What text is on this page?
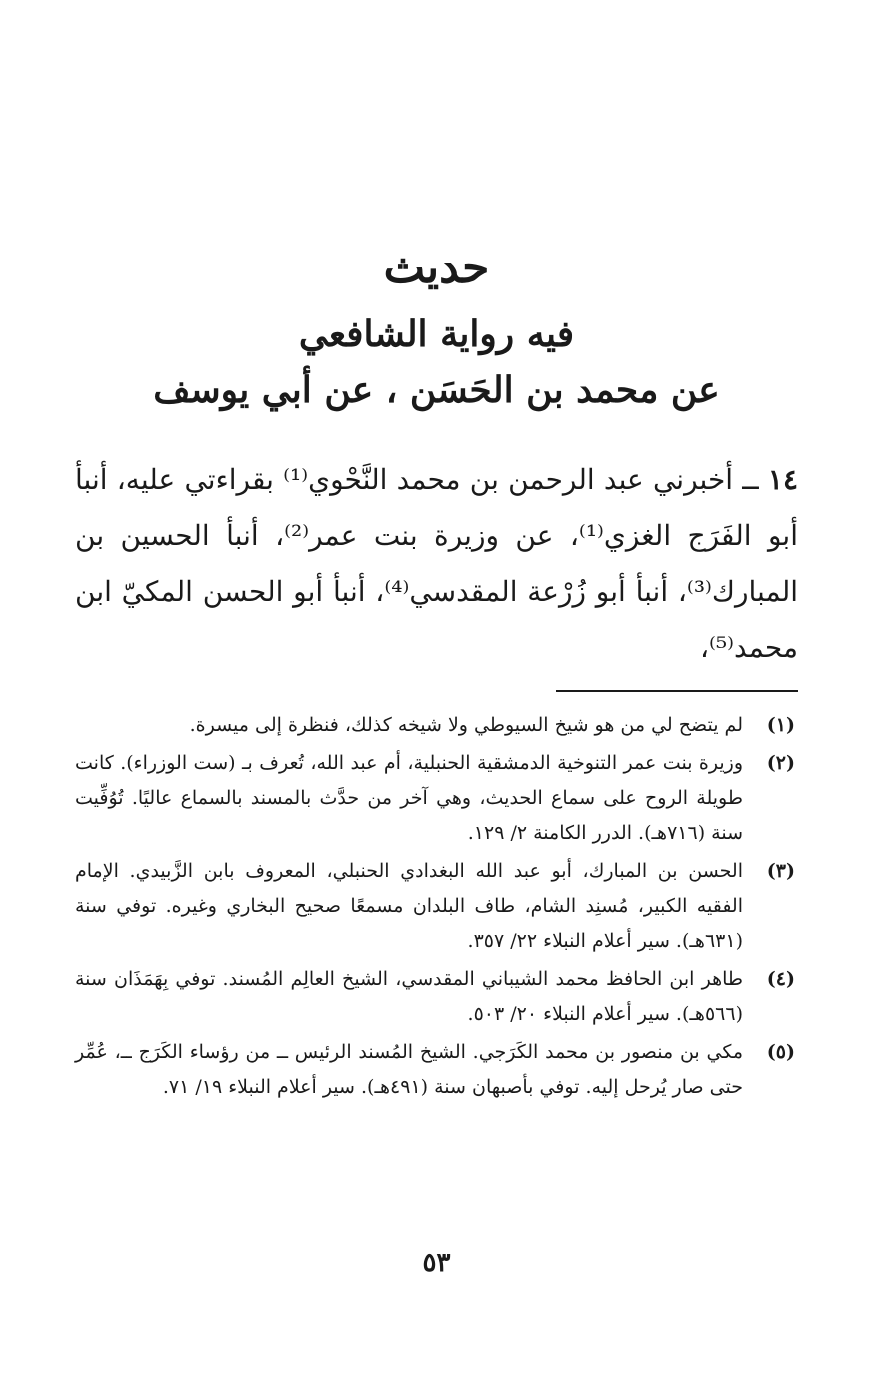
حديث
فيه رواية الشافعي
عن محمد بن الحَسَن ، عن أبي يوسف
١٤ ــ أخبرني عبد الرحمن بن محمد النَّحْوي⁽¹⁾ بقراءتي عليه، أنبأ أبو الفَرَج الغزي⁽¹⁾، عن وزيرة بنت عمر⁽²⁾، أنبأ الحسين بن المبارك⁽³⁾، أنبأ أبو زُرْعة المقدسي⁽⁴⁾، أنبأ أبو الحسن المكيّ ابن محمد⁽⁵⁾،
(١)
لم يتضح لي من هو شيخ السيوطي ولا شيخه كذلك، فنظرة إلى ميسرة.
(٢)
وزيرة بنت عمر التنوخية الدمشقية الحنبلية، أم عبد الله، تُعرف بـ (ست الوزراء). كانت طويلة الروح على سماع الحديث، وهي آخر من حدَّث بالمسند بالسماع عاليًا. تُوُفِّيت سنة (٧١٦هـ). الدرر الكامنة ٢/ ١٢٩.
(٣)
الحسن بن المبارك، أبو عبد الله البغدادي الحنبلي، المعروف بابن الزَّبيدي. الإمام الفقيه الكبير، مُسنِد الشام، طاف البلدان مسمعًا صحيح البخاري وغيره. توفي سنة (٦٣١هـ). سير أعلام النبلاء ٢٢/ ٣٥٧.
(٤)
طاهر ابن الحافظ محمد الشيباني المقدسي، الشيخ العالِم المُسند. توفي بِهَمَذَان سنة (٥٦٦هـ). سير أعلام النبلاء ٢٠/ ٥٠٣.
(٥)
مكي بن منصور بن محمد الكَرَجي. الشيخ المُسند الرئيس ــ من رؤساء الكَرَج ــ، عُمِّر حتى صار يُرحل إليه. توفي بأصبهان سنة (٤٩١هـ). سير أعلام النبلاء ١٩/ ٧١.
٥٣
